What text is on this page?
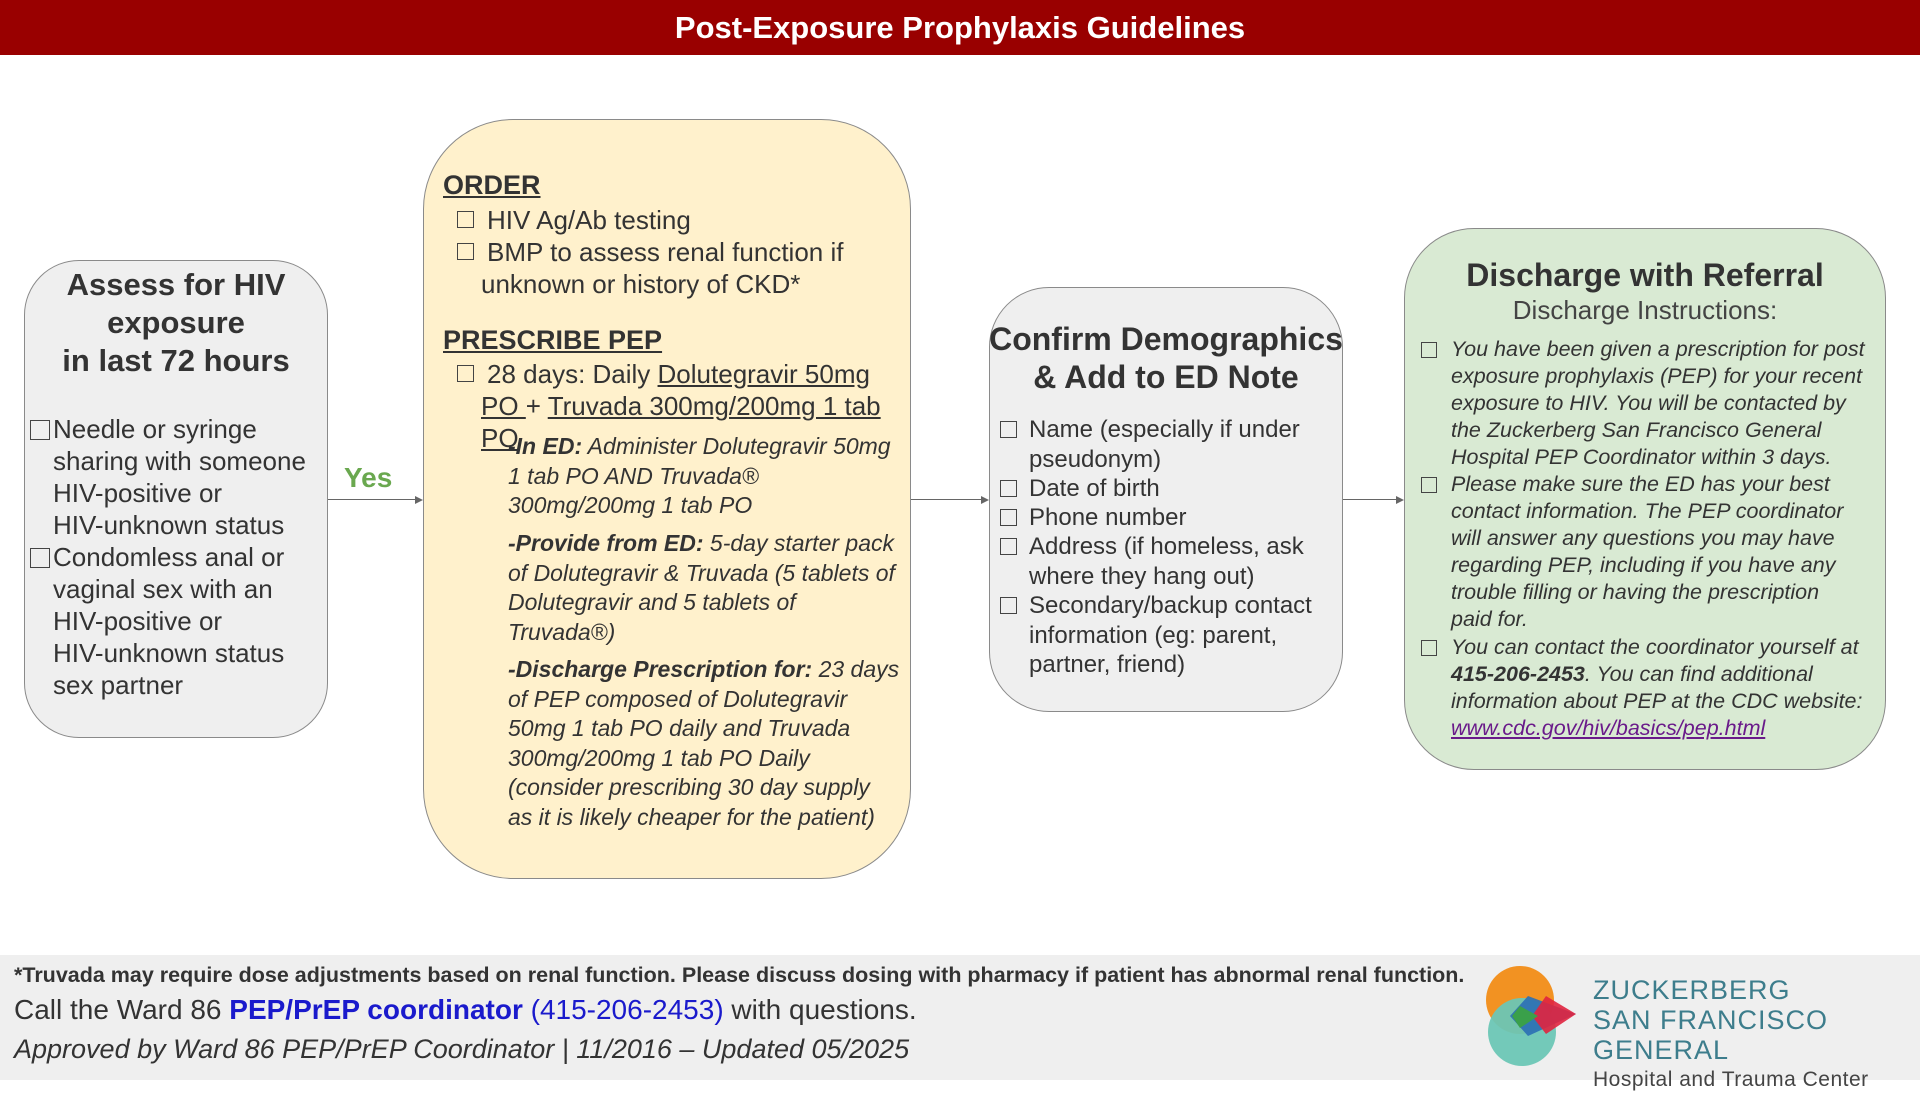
Post-Exposure Prophylaxis Guidelines
Assess for HIV
exposure
in last 72 hours
Needle or syringe
sharing with someone
HIV-positive or
HIV-unknown status
Condomless anal or
vaginal sex with an
HIV-positive or
HIV-unknown status
sex partner
Yes
ORDER
HIV Ag/Ab testing
BMP to assess renal function if
unknown or history of CKD*
PRESCRIBE PEP
28 days: Daily Dolutegravir 50mg
PO + Truvada 300mg/200mg 1 tab PO
-In ED: Administer Dolutegravir 50mg
1 tab PO AND Truvada®
300mg/200mg 1 tab PO
-Provide from ED: 5-day starter pack
of Dolutegravir & Truvada (5 tablets of
Dolutegravir and 5 tablets of
Truvada®)
-Discharge Prescription for: 23 days
of PEP composed of Dolutegravir
50mg 1 tab PO daily and Truvada
300mg/200mg 1 tab PO Daily
(consider prescribing 30 day supply
as it is likely cheaper for the patient)
Confirm Demographics
& Add to ED Note
Name (especially if under
pseudonym)
Date of birth
Phone number
Address (if homeless, ask
where they hang out)
Secondary/backup contact
information (eg: parent,
partner, friend)
Discharge with Referral
Discharge Instructions:
You have been given a prescription for post
exposure prophylaxis (PEP) for your recent
exposure to HIV. You will be contacted by
the Zuckerberg San Francisco General
Hospital PEP Coordinator within 3 days.
Please make sure the ED has your best
contact information. The PEP coordinator
will answer any questions you may have
regarding PEP, including if you have any
trouble filling or having the prescription
paid for.
You can contact the coordinator yourself at
415-206-2453. You can find additional
information about PEP at the CDC website:
www.cdc.gov/hiv/basics/pep.html
*Truvada may require dose adjustments based on renal function. Please discuss dosing with pharmacy if patient has abnormal renal function.
Call the Ward 86 PEP/PrEP coordinator (415-206-2453) with questions.
Approved by Ward 86 PEP/PrEP Coordinator | 11/2016 – Updated 05/2025
ZUCKERBERG
SAN FRANCISCO GENERAL
Hospital and Trauma Center
